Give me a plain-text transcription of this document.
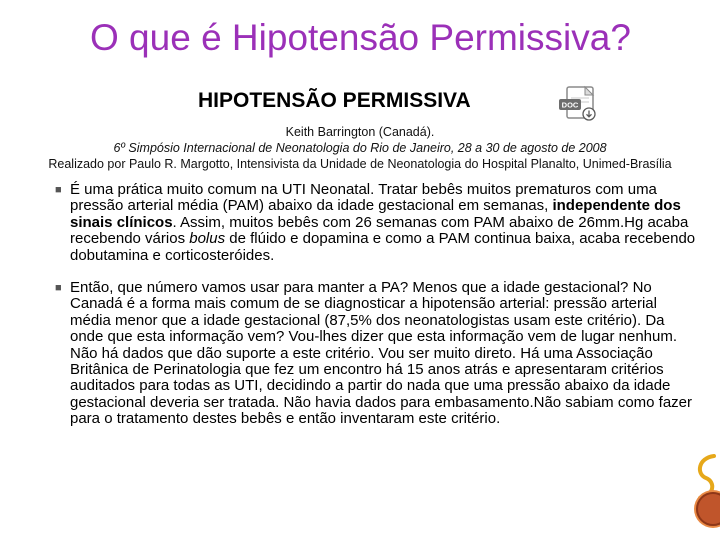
O que é Hipotensão Permissiva?
HIPOTENSÃO PERMISSIVA	DOC
Keith Barrington (Canadá).
6º Simpósio Internacional de Neonatologia do Rio de Janeiro, 28 a 30 de agosto de 2008
Realizado por Paulo R. Margotto, Intensivista da Unidade de Neonatologia do Hospital Planalto, Unimed-Brasília

■ É uma prática muito comum na UTI Neonatal. Tratar bebês muitos prematuros com uma pressão arterial média (PAM) abaixo da idade gestacional em semanas, independente dos sinais clínicos. Assim, muitos bebês com 26 semanas com PAM abaixo de 26mm.Hg acaba recebendo vários bolus de flúido e dopamina e como a PAM continua baixa, acaba recebendo dobutamina e corticosteróides.

■ Então, que número vamos usar para manter a PA? Menos que a idade gestacional? No Canadá é a forma mais comum de se diagnosticar a hipotensão arterial: pressão arterial média menor que a idade gestacional (87,5% dos neonatologistas usam este critério). Da onde que esta informação vem? Vou-lhes dizer que esta informação vem de lugar nenhum. Não há dados que dão suporte a este critério. Vou ser muito direto. Há uma Associação Britânica de Perinatologia que fez um encontro há 15 anos atrás e apresentaram critérios auditados para todas as UTI, decidindo a partir do nada que uma pressão abaixo da idade gestacional deveria ser tratada. Não havia dados para embasamento.Não sabiam como fazer para o tratamento destes bebês e então inventaram este critério.
